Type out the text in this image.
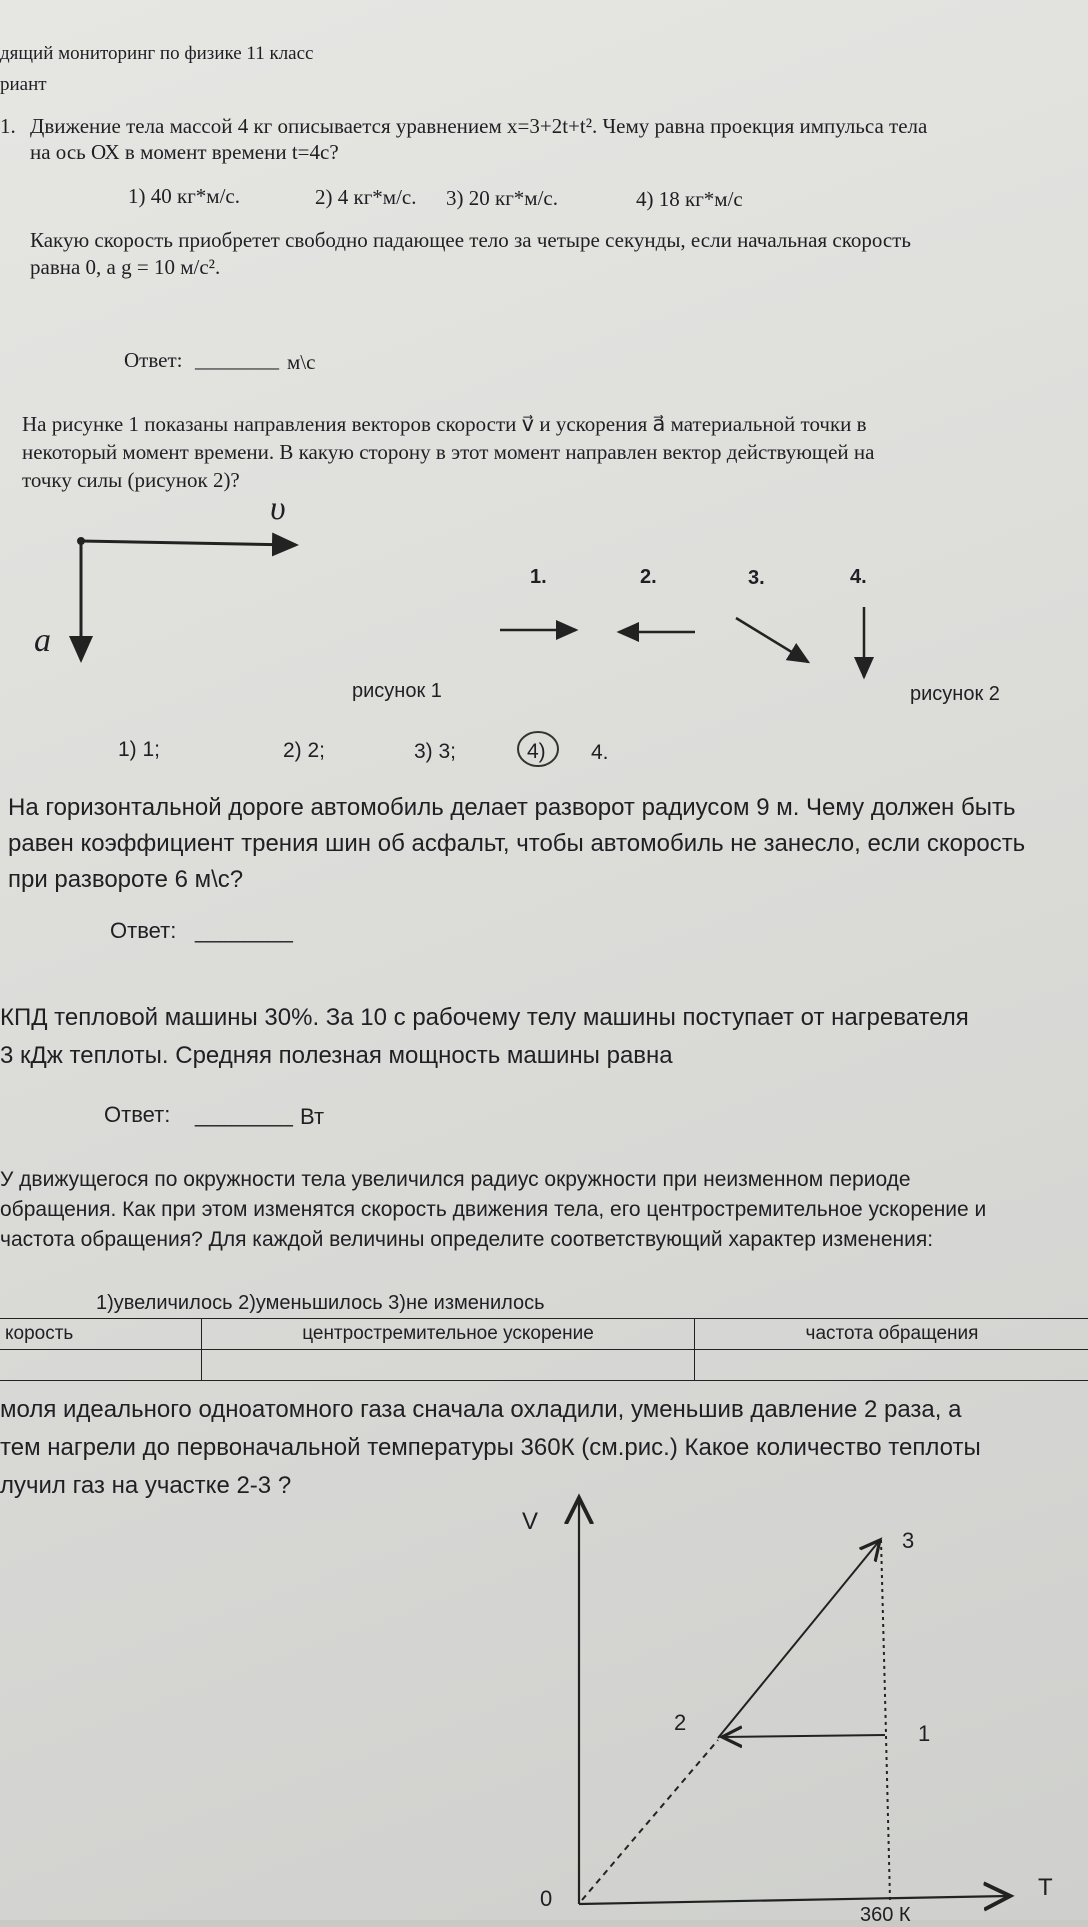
дящий мониторинг по физике 11 класс
риант
1. Движение тела массой 4 кг описывается уравнением x=3+2t+t². Чему равна проекция импульса тела
на ось ОХ в момент времени t=4c?
1) 40 кг*м/с.	2) 4 кг*м/с. 3) 20 кг*м/с.	4) 18 кг*м/с
Какую скорость приобретет свободно падающее тело за четыре секунды, если начальная скорость
равна 0, а g = 10 м/с².
Ответ: ________ м\с
На рисунке 1 показаны направления векторов скорости v⃗ и ускорения a⃗ материальной точки в
некоторый момент времени. В какую сторону в этот момент направлен вектор действующей на
точку силы (рисунок 2)?
υ⃗
a⃗
рисунок 1
1.	2.	3.	4.
рисунок 2
1) 1;	2) 2;	3) 3;	4) 4.
На горизонтальной дороге автомобиль делает разворот радиусом 9 м. Чему должен быть
равен коэффициент трения шин об асфальт, чтобы автомобиль не занесло, если скорость
при развороте 6 м\с?
Ответ: ________
КПД тепловой машины 30%. За 10 с рабочему телу машины поступает от нагревателя
3 кДж теплоты. Средняя полезная мощность машины равна
Ответ: ________ Вт
У движущегося по окружности тела увеличился радиус окружности при неизменном периоде
обращения. Как при этом изменятся скорость движения тела, его центростремительное ускорение и
частота обращения? Для каждой величины определите соответствующий характер изменения:
1)увеличилось 2)уменьшилось 3)не изменилось
корость	центростремительное ускорение	частота обращения

моля идеального одноатомного газа сначала охладили, уменьшив давление 2 раза, а
тем нагрели до первоначальной температуры 360К (см.рис.) Какое количество теплоты
лучил газ на участке 2-3 ?
V
T
0
1
2
3
360 К
